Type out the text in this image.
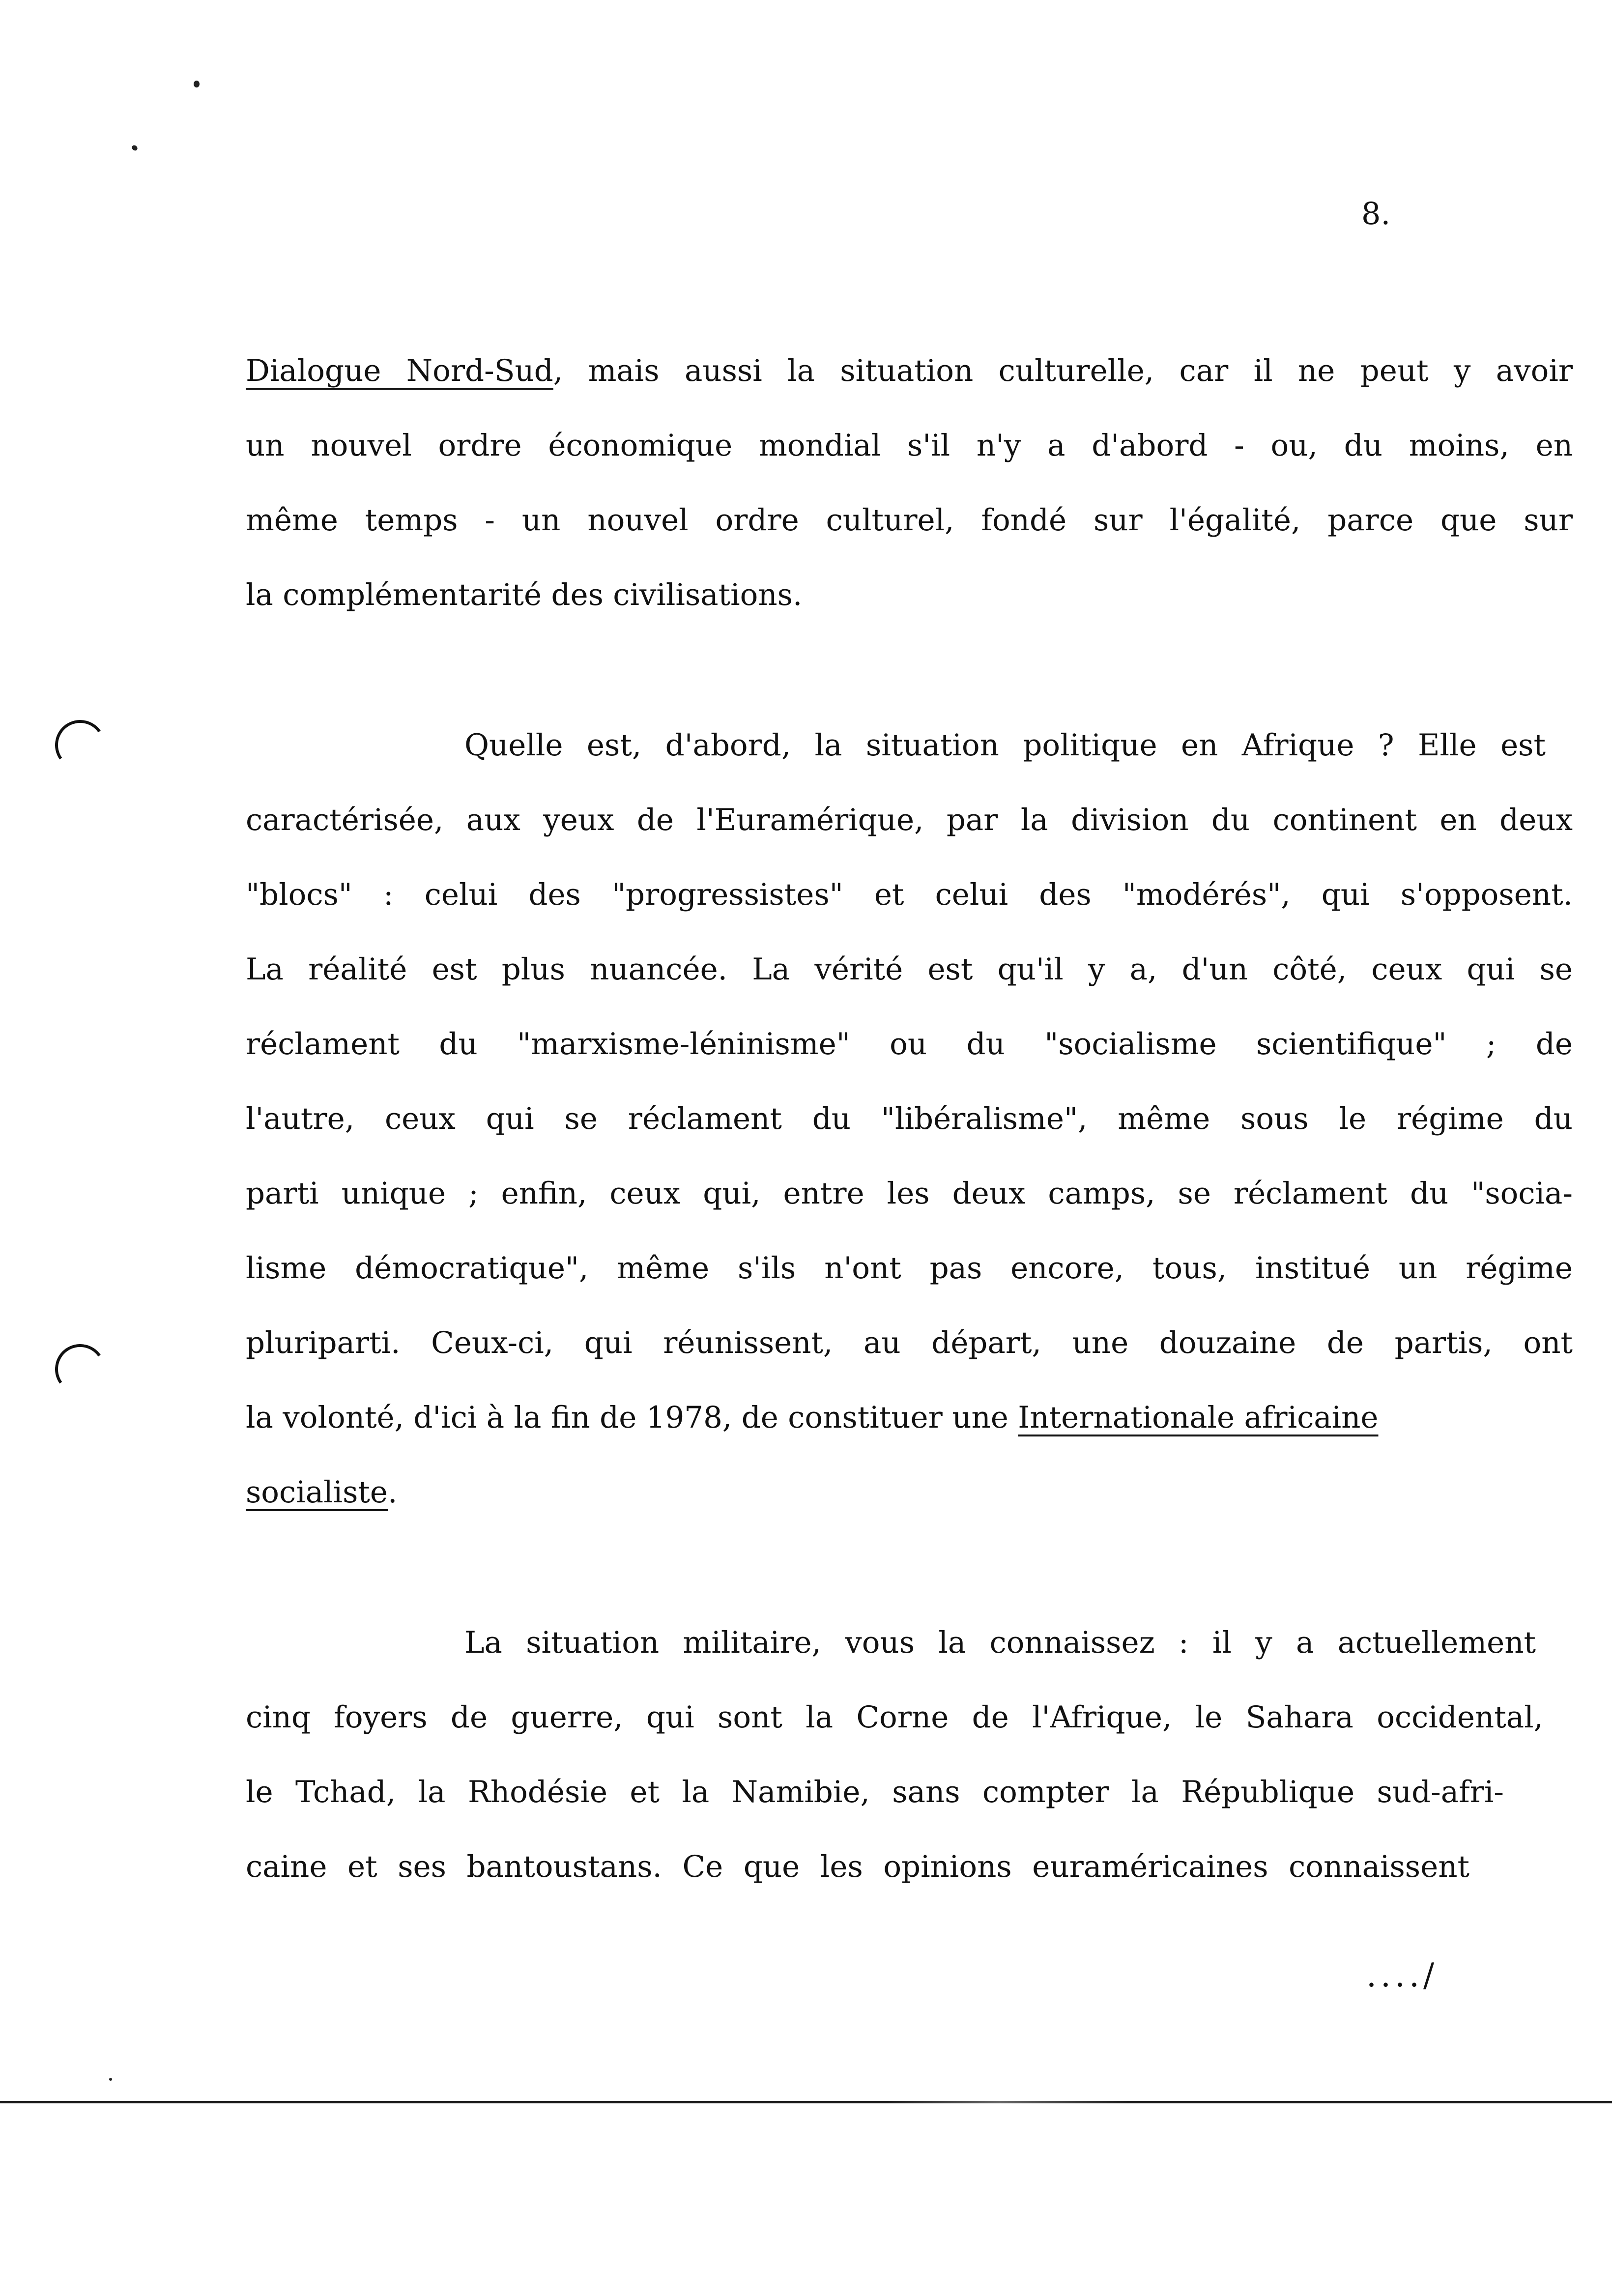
8.
Dialogue Nord-Sud, mais aussi la situation culturelle, car il ne peut y avoir
un nouvel ordre économique mondial s'il n'y a d'abord - ou, du moins, en
même temps - un nouvel ordre culturel, fondé sur l'égalité, parce que sur
la complémentarité des civilisations.
Quelle est, d'abord, la situation politique en Afrique ? Elle est
caractérisée, aux yeux de l'Euramérique, par la division du continent en deux
"blocs" : celui des "progressistes" et celui des "modérés", qui s'opposent.
La réalité est plus nuancée. La vérité est qu'il y a, d'un côté, ceux qui se
réclament du "marxisme-léninisme" ou du "socialisme scientifique" ; de
l'autre, ceux qui se réclament du "libéralisme", même sous le régime du
parti unique ; enfin, ceux qui, entre les deux camps, se réclament du "socia-
lisme démocratique", même s'ils n'ont pas encore, tous, institué un régime
pluriparti. Ceux-ci, qui réunissent, au départ, une douzaine de partis, ont
la volonté, d'ici à la fin de 1978, de constituer une Internationale africaine
socialiste.
La situation militaire, vous la connaissez : il y a actuellement
cinq foyers de guerre, qui sont la Corne de l'Afrique, le Sahara occidental,
le Tchad, la Rhodésie et la Namibie, sans compter la République sud-afri-
caine et ses bantoustans. Ce que les opinions euraméricaines connaissent
..../
